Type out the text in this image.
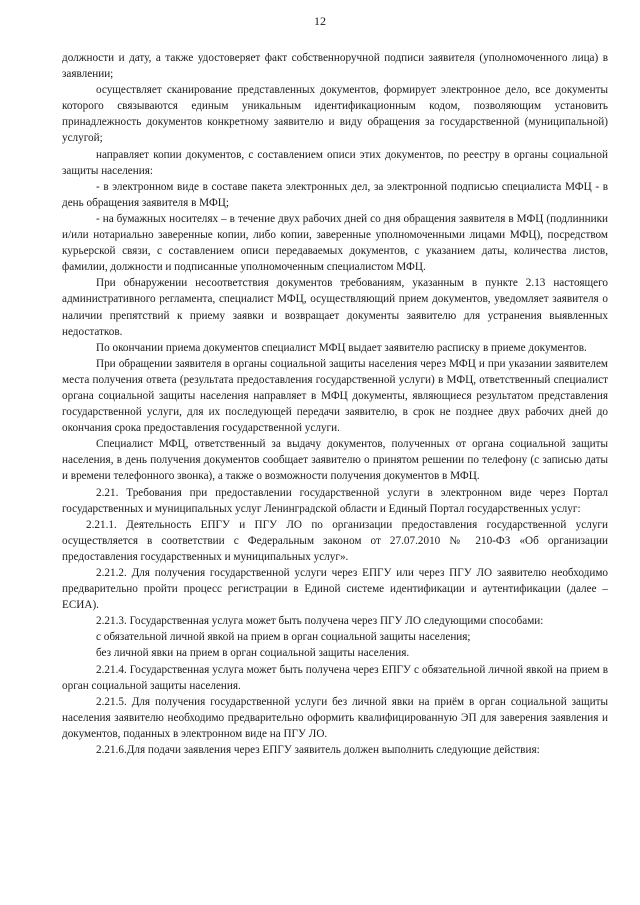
12

должности и дату, а также удостоверяет факт собственноручной подписи заявителя (уполномоченного лица) в заявлении;

осуществляет сканирование представленных документов, формирует электронное дело, все документы которого связываются единым уникальным идентификационным кодом, позволяющим установить принадлежность документов конкретному заявителю и виду обращения за государственной (муниципальной) услугой;

направляет копии документов, с составлением описи этих документов, по реестру в органы социальной защиты населения:

- в электронном виде в составе пакета электронных дел, за электронной подписью специалиста МФЦ - в день обращения заявителя в МФЦ;

- на бумажных носителях – в течение двух рабочих дней со дня обращения заявителя в МФЦ (подлинники и/или нотариально заверенные копии, либо копии, заверенные уполномоченными лицами МФЦ), посредством курьерской связи, с составлением описи передаваемых документов, с указанием даты, количества листов, фамилии, должности и подписанные уполномоченным специалистом МФЦ.

При обнаружении несоответствия документов требованиям, указанным в пункте 2.13 настоящего административного регламента, специалист МФЦ, осуществляющий прием документов, уведомляет заявителя о наличии препятствий к приему заявки и возвращает документы заявителю для устранения выявленных недостатков.

По окончании приема документов специалист МФЦ выдает заявителю расписку в приеме документов.

При обращении заявителя в органы социальной защиты населения через МФЦ и при указании заявителем места получения ответа (результата предоставления государственной услуги) в МФЦ, ответственный специалист органа социальной защиты населения направляет в МФЦ документы, являющиеся результатом представления государственной услуги, для их последующей передачи заявителю, в срок не позднее двух рабочих дней до окончания срока предоставления государственной услуги.

Специалист МФЦ, ответственный за выдачу документов, полученных от органа социальной защиты населения, в день получения документов сообщает заявителю о принятом решении по телефону (с записью даты и времени телефонного звонка), а также о возможности получения документов в МФЦ.

2.21. Требования при предоставлении государственной услуги в электронном виде через Портал государственных и муниципальных услуг Ленинградской области и Единый Портал государственных услуг:

2.21.1. Деятельность ЕПГУ и ПГУ ЛО по организации предоставления государственной услуги осуществляется в соответствии с Федеральным законом от 27.07.2010 № 210-ФЗ «Об организации предоставления государственных и муниципальных услуг».

2.21.2. Для получения государственной услуги через ЕПГУ или через ПГУ ЛО заявителю необходимо предварительно пройти процесс регистрации в Единой системе идентификации и аутентификации (далее – ЕСИА).

2.21.3. Государственная услуга может быть получена через ПГУ ЛО следующими способами:

с обязательной личной явкой на прием в орган социальной защиты населения;

без личной явки на прием в орган социальной защиты населения.

2.21.4. Государственная услуга может быть получена через ЕПГУ с обязательной личной явкой на прием в орган социальной защиты населения.

2.21.5. Для получения государственной услуги без личной явки на приём в орган социальной защиты населения заявителю необходимо предварительно оформить квалифицированную ЭП для заверения заявления и документов, поданных в электронном виде на ПГУ ЛО.

2.21.6.Для подачи заявления через ЕПГУ заявитель должен выполнить следующие действия:
